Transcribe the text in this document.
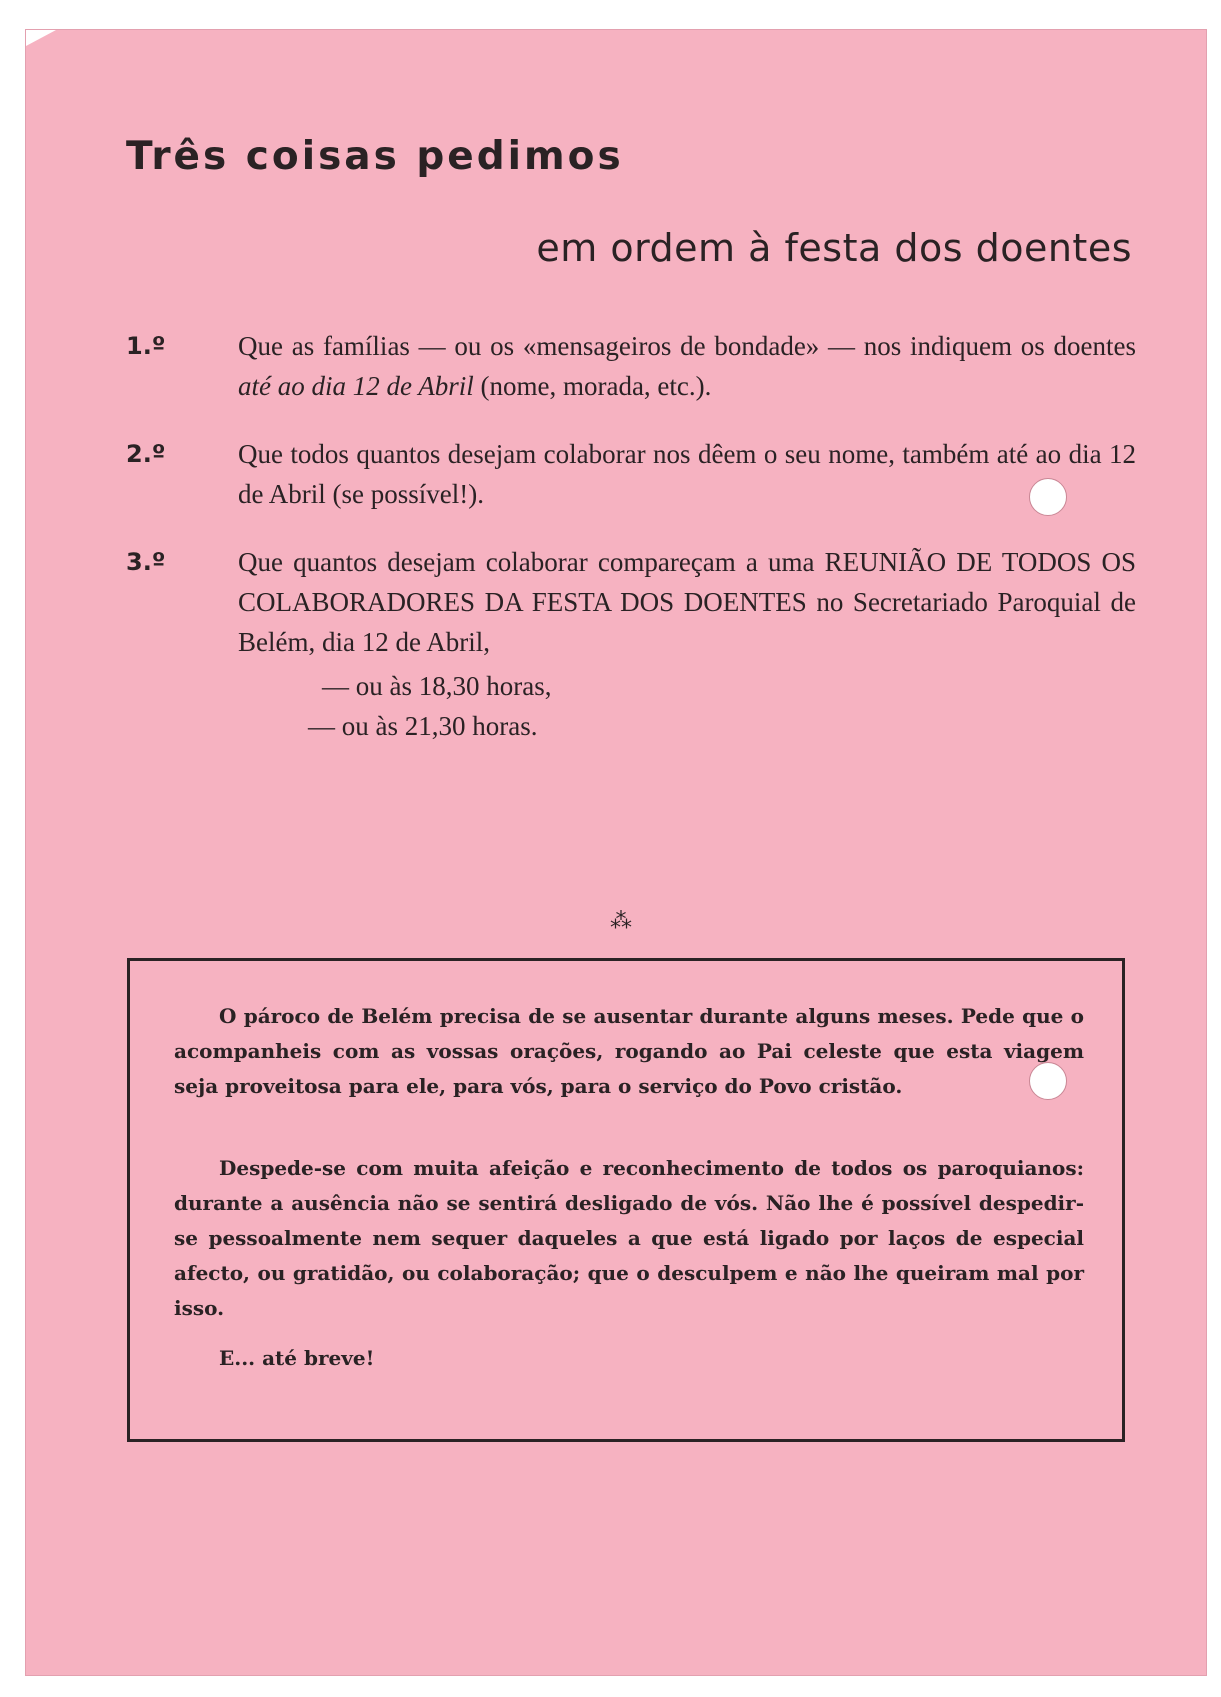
Três coisas pedimos
em ordem à festa dos doentes
1.º	Que as famílias — ou os «mensageiros de bondade» — nos indiquem os doentes até ao dia 12 de Abril (nome, morada, etc.).
2.º	Que todos quantos desejam colaborar nos dêem o seu nome, também até ao dia 12 de Abril (se possível!).
3.º	Que quantos desejam colaborar compareçam a uma REUNIÃO DE TODOS OS COLABORADORES DA FESTA DOS DOENTES no Secretariado Paroquial de Belém, dia 12 de Abril,
— ou às 18,30 horas,
— ou às 21,30 horas.
⁂

O pároco de Belém precisa de se ausentar durante alguns meses. Pede que o acompanheis com as vossas orações, rogando ao Pai celeste que esta viagem seja proveitosa para ele, para vós, para o serviço do Povo cristão.

Despede-se com muita afeição e reconhecimento de todos os paroquianos: durante a ausência não se sentirá desligado de vós. Não lhe é possível despedir-se pessoalmente nem sequer daqueles a que está ligado por laços de especial afecto, ou gratidão, ou colaboração; que o desculpem e não lhe queiram mal por isso.

E... até breve!
